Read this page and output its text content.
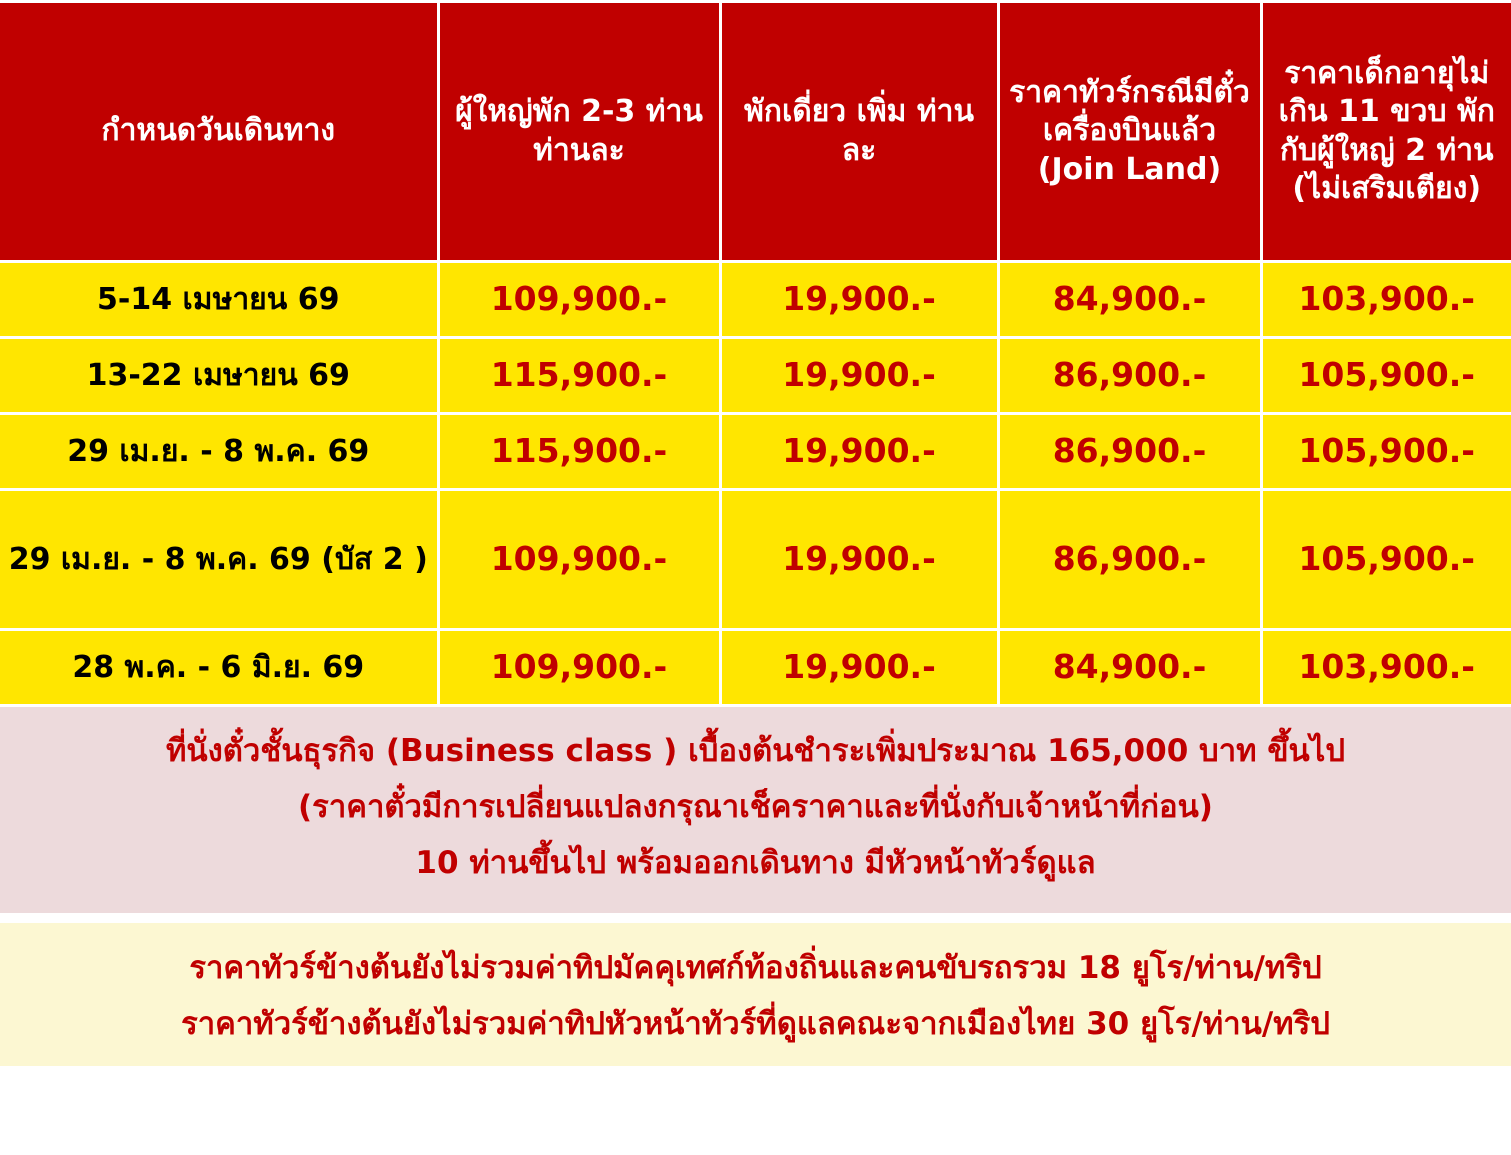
กำหนดวันเดินทาง	ผู้ใหญ่พัก 2-3 ท่าน ท่านละ	พักเดี่ยว เพิ่ม ท่านละ	ราคาทัวร์กรณีมีตั๋วเครื่องบินแล้ว (Join Land)	ราคาเด็กอายุไม่เกิน 11 ขวบ พักกับผู้ใหญ่ 2 ท่าน (ไม่เสริมเตียง)
5-14 เมษายน 69	109,900.-	19,900.-	84,900.-	103,900.-
13-22 เมษายน 69	115,900.-	19,900.-	86,900.-	105,900.-
29 เม.ย. - 8 พ.ค. 69	115,900.-	19,900.-	86,900.-	105,900.-
29 เม.ย. - 8 พ.ค. 69 (บัส 2 )	109,900.-	19,900.-	86,900.-	105,900.-
28 พ.ค. - 6 มิ.ย. 69	109,900.-	19,900.-	84,900.-	103,900.-
ที่นั่งตั๋วชั้นธุรกิจ (Business class ) เบื้องต้นชำระเพิ่มประมาณ 165,000 บาท ขึ้นไป
(ราคาตั๋วมีการเปลี่ยนแปลงกรุณาเช็คราคาและที่นั่งกับเจ้าหน้าที่ก่อน)
10 ท่านขึ้นไป พร้อมออกเดินทาง มีหัวหน้าทัวร์ดูแล
ราคาทัวร์ข้างต้นยังไม่รวมค่าทิปมัคคุเทศก์ท้องถิ่นและคนขับรถรวม 18 ยูโร/ท่าน/ทริป
ราคาทัวร์ข้างต้นยังไม่รวมค่าทิปหัวหน้าทัวร์ที่ดูแลคณะจากเมืองไทย 30 ยูโร/ท่าน/ทริป
